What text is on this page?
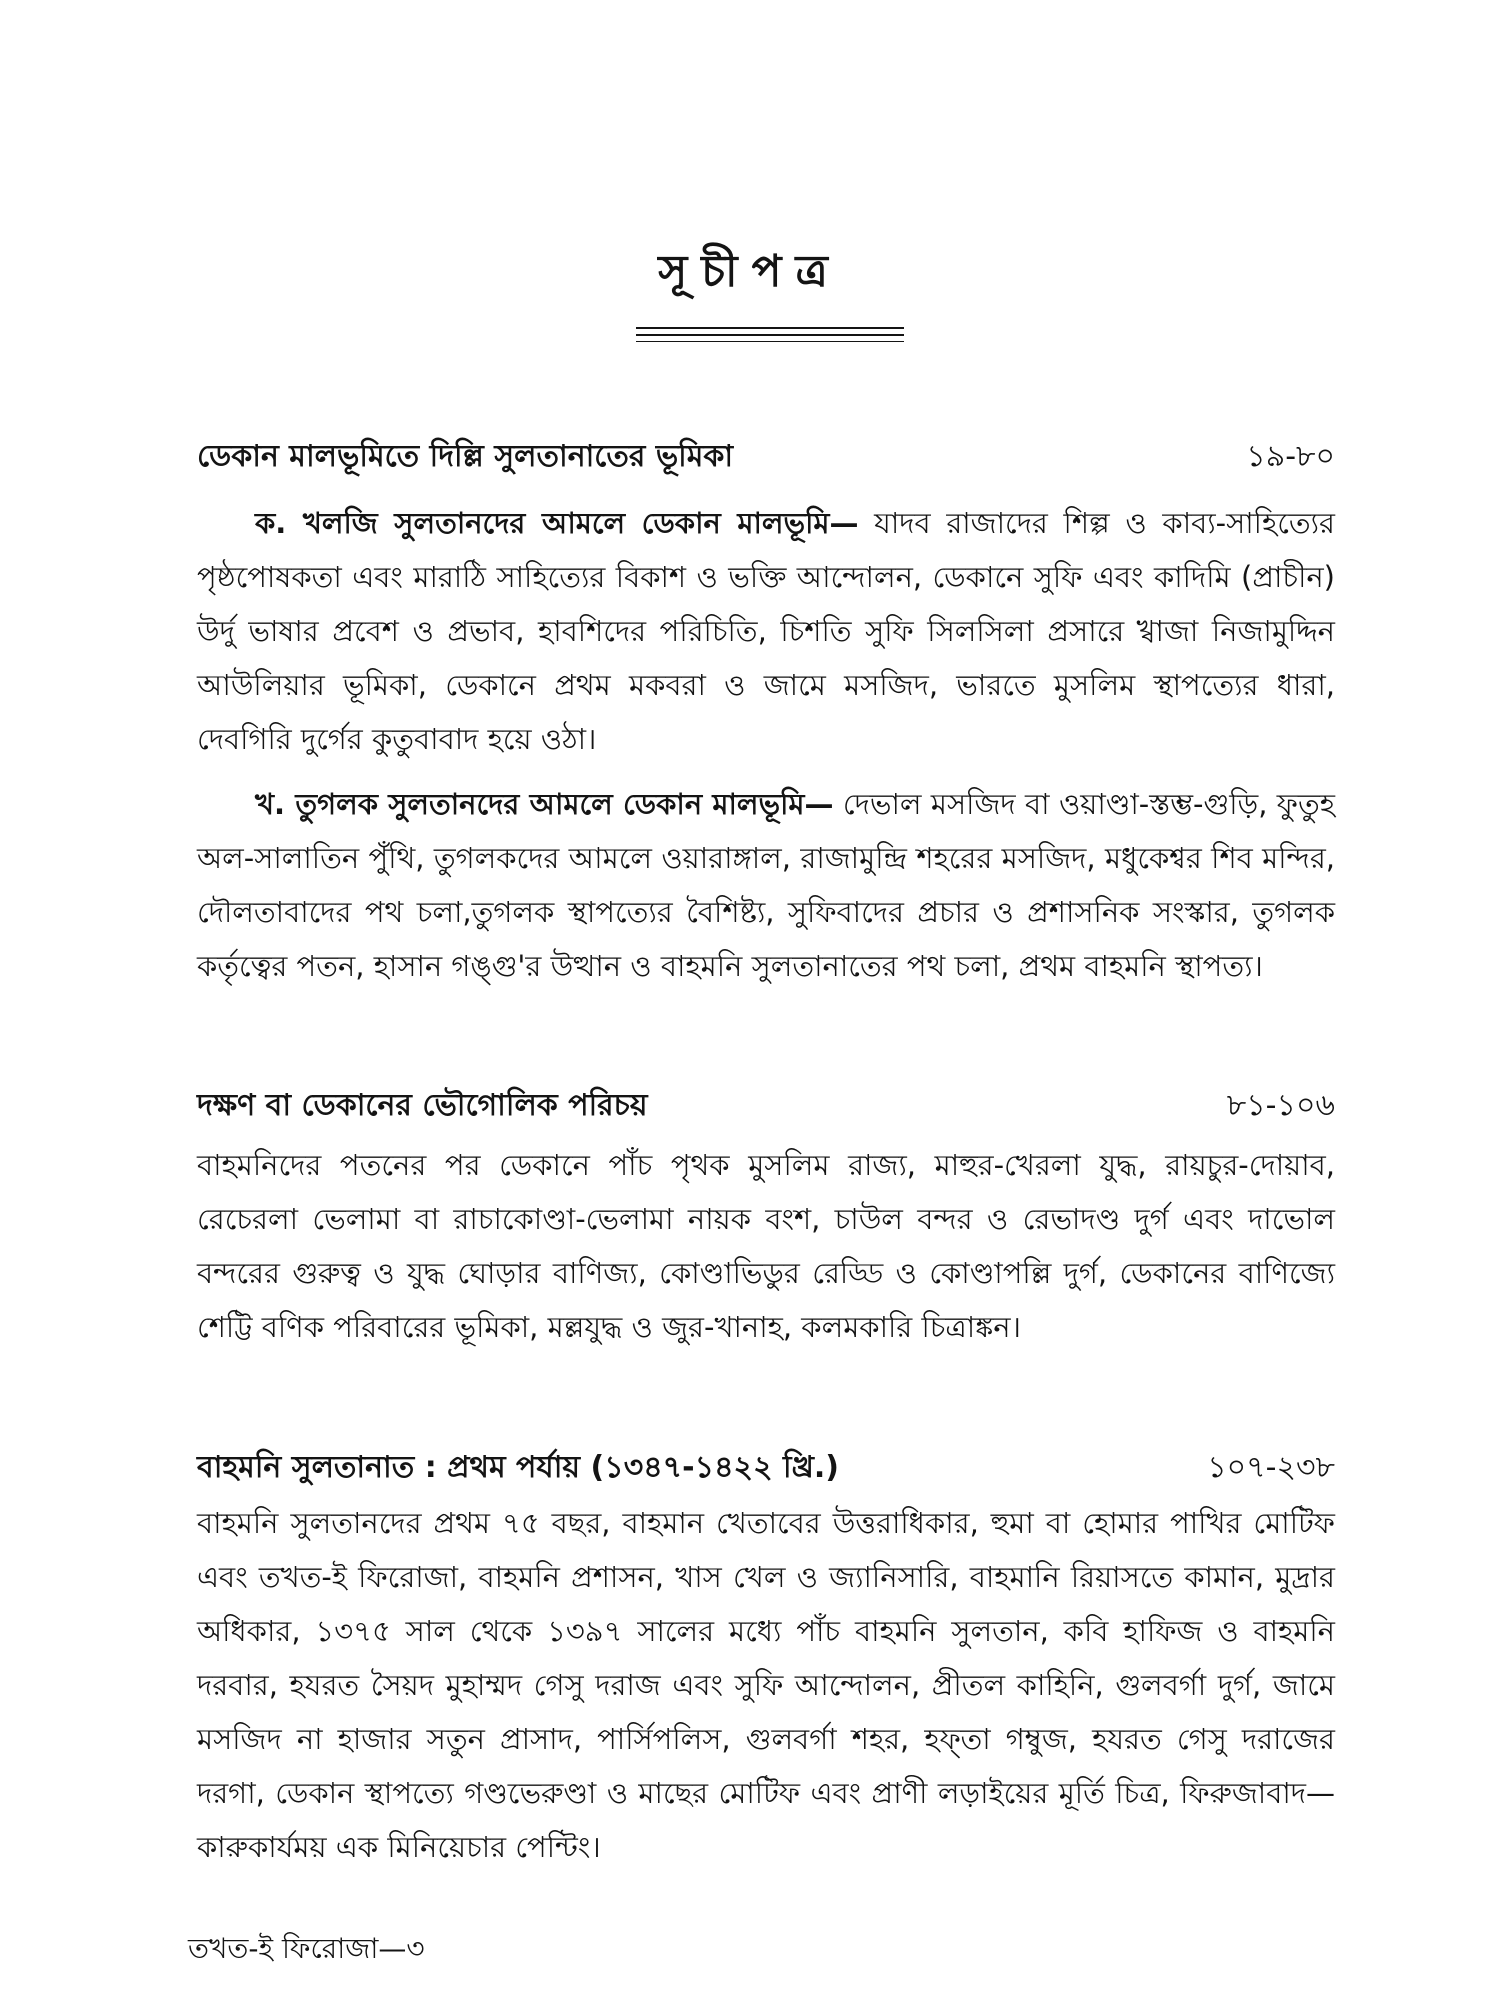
সূচীপত্র
ডেকান মালভূমিতে দিল্লি সুলতানাতের ভূমিকা	১৯-৮০

ক. খলজি সুলতানদের আমলে ডেকান মালভূমি— যাদব রাজাদের শিল্প ও কাব্য-সাহিত্যের পৃষ্ঠপোষকতা এবং মারাঠি সাহিত্যের বিকাশ ও ভক্তি আন্দোলন, ডেকানে সুফি এবং কাদিমি (প্রাচীন) উর্দু ভাষার প্রবেশ ও প্রভাব, হাবশিদের পরিচিতি, চিশতি সুফি সিলসিলা প্রসারে খ্বাজা নিজামুদ্দিন আউলিয়ার ভূমিকা, ডেকানে প্রথম মকবরা ও জামে মসজিদ, ভারতে মুসলিম স্থাপত্যের ধারা, দেবগিরি দুর্গের কুতুবাবাদ হয়ে ওঠা।

খ. তুগলক সুলতানদের আমলে ডেকান মালভূমি— দেভাল মসজিদ বা ওয়াণ্ডা-স্তম্ভ-গুড়ি, ফুতুহ অল-সালাতিন পুঁথি, তুগলকদের আমলে ওয়ারাঙ্গাল, রাজামুন্দ্রি শহরের মসজিদ, মধুকেশ্বর শিব মন্দির, দৌলতাবাদের পথ চলা,তুগলক স্থাপত্যের বৈশিষ্ট্য, সুফিবাদের প্রচার ও প্রশাসনিক সংস্কার, তুগলক কর্তৃত্বের পতন, হাসান গঙ্গু'র উত্থান ও বাহমনি সুলতানাতের পথ চলা, প্রথম বাহমনি স্থাপত্য।

দক্ষণ বা ডেকানের ভৌগোলিক পরিচয়	৮১-১০৬

বাহমনিদের পতনের পর ডেকানে পাঁচ পৃথক মুসলিম রাজ্য, মাহুর-খেরলা যুদ্ধ, রায়চুর-দোয়াব, রেচেরলা ভেলামা বা রাচাকোণ্ডা-ভেলামা নায়ক বংশ, চাউল বন্দর ও রেভাদণ্ড দুর্গ এবং দাভোল বন্দরের গুরুত্ব ও যুদ্ধ ঘোড়ার বাণিজ্য, কোণ্ডাভিডুর রেড্ডি ও কোণ্ডাপল্লি দুর্গ, ডেকানের বাণিজ্যে শেট্টি বণিক পরিবারের ভূমিকা, মল্লযুদ্ধ ও জুর-খানাহ, কলমকারি চিত্রাঙ্কন।

বাহমনি সুলতানাত : প্রথম পর্যায় (১৩৪৭-১৪২২ খ্রি.)	১০৭-২৩৮

বাহমনি সুলতানদের প্রথম ৭৫ বছর, বাহমান খেতাবের উত্তরাধিকার, হুমা বা হোমার পাখির মোটিফ এবং তখত-ই ফিরোজা, বাহমনি প্রশাসন, খাস খেল ও জ্যানিসারি, বাহমানি রিয়াসতে কামান, মুদ্রার অধিকার, ১৩৭৫ সাল থেকে ১৩৯৭ সালের মধ্যে পাঁচ বাহমনি সুলতান, কবি হাফিজ ও বাহমনি দরবার, হযরত সৈয়দ মুহাম্মদ গেসু দরাজ এবং সুফি আন্দোলন, প্রীতল কাহিনি, গুলবর্গা দুর্গ, জামে মসজিদ না হাজার সতুন প্রাসাদ, পার্সিপলিস, গুলবর্গা শহর, হফ্তা গম্বুজ, হযরত গেসু দরাজের দরগা, ডেকান স্থাপত্যে গণ্ডভেরুণ্ডা ও মাছের মোটিফ এবং প্রাণী লড়াইয়ের মূর্তি চিত্র, ফিরুজাবাদ— কারুকার্যময় এক মিনিয়েচার পেন্টিং।

তখত-ই ফিরোজা—৩
